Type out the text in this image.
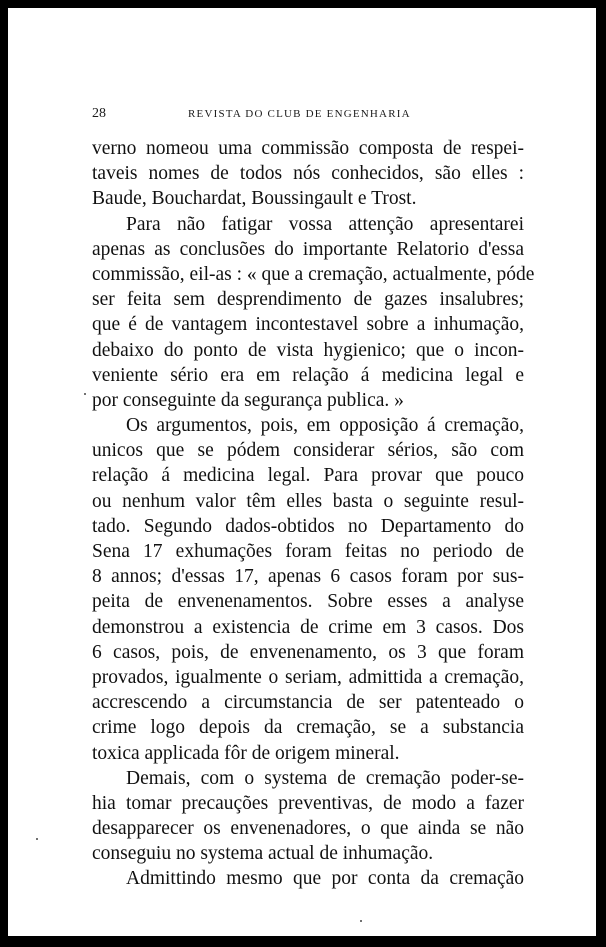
28	REVISTA DO CLUB DE ENGENHARIA
verno nomeou uma commissão composta de respei-
taveis nomes de todos nós conhecidos, são elles :
Baude, Bouchardat, Boussingault e Trost.
Para não fatigar vossa attenção apresentarei
apenas as conclusões do importante Relatorio d'essa
commissão, eil-as : « que a cremação, actualmente, póde
ser feita sem desprendimento de gazes insalubres;
que é de vantagem incontestavel sobre a inhumação,
debaixo do ponto de vista hygienico; que o incon-
veniente sério era em relação á medicina legal e
por conseguinte da segurança publica. »
Os argumentos, pois, em opposição á cremação,
unicos que se pódem considerar sérios, são com
relação á medicina legal. Para provar que pouco
ou nenhum valor têm elles basta o seguinte resul-
tado. Segundo dados-obtidos no Departamento do
Sena 17 exhumações foram feitas no periodo de
8 annos; d'essas 17, apenas 6 casos foram por sus-
peita de envenenamentos. Sobre esses a analyse
demonstrou a existencia de crime em 3 casos. Dos
6 casos, pois, de envenenamento, os 3 que foram
provados, igualmente o seriam, admittida a cremação,
accrescendo a circumstancia de ser patenteado o
crime logo depois da cremação, se a substancia
toxica applicada fôr de origem mineral.
Demais, com o systema de cremação poder-se-
hia tomar precauções preventivas, de modo a fazer
desapparecer os envenenadores, o que ainda se não
conseguiu no systema actual de inhumação.
Admittindo mesmo que por conta da cremação
